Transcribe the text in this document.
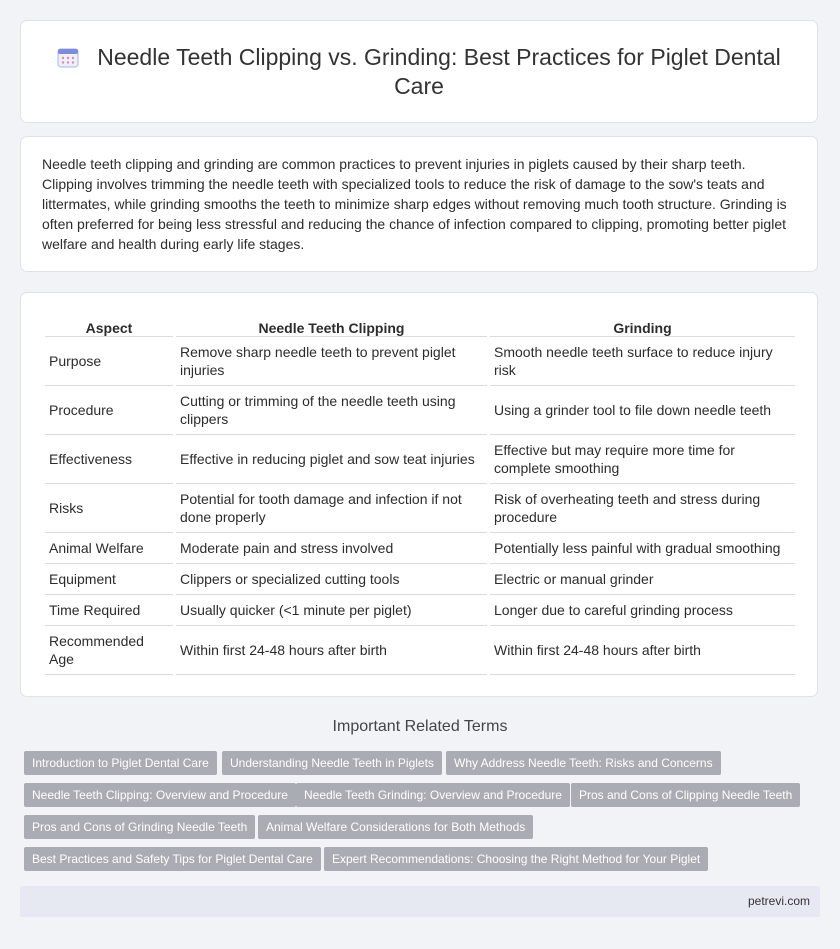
Needle Teeth Clipping vs. Grinding: Best Practices for Piglet Dental Care

Needle teeth clipping and grinding are common practices to prevent injuries in piglets caused by their sharp teeth. Clipping involves trimming the needle teeth with specialized tools to reduce the risk of damage to the sow's teats and littermates, while grinding smooths the teeth to minimize sharp edges without removing much tooth structure. Grinding is often preferred for being less stressful and reducing the chance of infection compared to clipping, promoting better piglet welfare and health during early life stages.

Aspect	Needle Teeth Clipping	Grinding
Purpose	Remove sharp needle teeth to prevent piglet injuries	Smooth needle teeth surface to reduce injury risk
Procedure	Cutting or trimming of the needle teeth using clippers	Using a grinder tool to file down needle teeth
Effectiveness	Effective in reducing piglet and sow teat injuries	Effective but may require more time for complete smoothing
Risks	Potential for tooth damage and infection if not done properly	Risk of overheating teeth and stress during procedure
Animal Welfare	Moderate pain and stress involved	Potentially less painful with gradual smoothing
Equipment	Clippers or specialized cutting tools	Electric or manual grinder
Time Required	Usually quicker (<1 minute per piglet)	Longer due to careful grinding process
Recommended Age	Within first 24-48 hours after birth	Within first 24-48 hours after birth
Important Related Terms
Introduction to Piglet Dental Care	Understanding Needle Teeth in Piglets	Why Address Needle Teeth: Risks and Concerns
Needle Teeth Clipping: Overview and Procedure	Needle Teeth Grinding: Overview and Procedure	Pros and Cons of Clipping Needle Teeth
Pros and Cons of Grinding Needle Teeth	Animal Welfare Considerations for Both Methods
Best Practices and Safety Tips for Piglet Dental Care	Expert Recommendations: Choosing the Right Method for Your Piglet
petrevi.com
